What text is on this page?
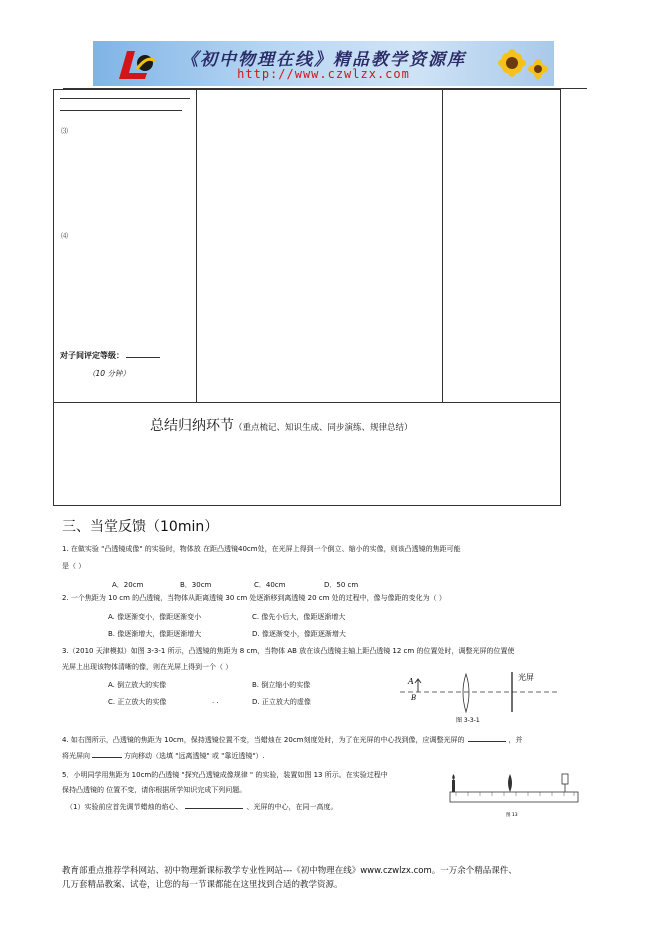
《初中物理在线》精品教学资源库
http://www.czwlzx.com
⑶
⑷
对子间评定等级：
（10 分钟）

总结归纳环节（重点梳记、知识生成、同步演练、规律总结）
三、当堂反馈（10min）
1. 在做实验 "凸透镜成像" 的实验时，物体放 在距凸透镜40cm处，在光屏上得到一个倒立、缩小的实像，则该凸透镜的焦距可能
是（ ）
A．20cm	B．30cm	C．40cm	D．50 cm
2. 一个焦距为 10 cm 的凸透镜，当物体从距离透镜 30 cm 处逐渐移到离透镜 20 cm 处的过程中，像与像距的变化为（ ）
A. 像逐渐变小，像距逐渐变小	C. 像先小后大，像距逐渐增大
B. 像逐渐增大，像距逐渐增大	D. 像逐渐变小，像距逐渐增大
3.（2010 天津模拟）如图 3-3-1 所示，凸透镜的焦距为 8 cm，当物体 AB 放在该凸透镜主轴上距凸透镜 12 cm 的位置处时，调整光屏的位置使
光屏上出现该物体清晰的像，则在光屏上得到一个（ ）
A. 倒立放大的实像	B. 倒立缩小的实像
C. 正立放大的实像	D. 正立放大的虚像
. .
A
B
光屏
图 3-3-1
4. 如右图所示，凸透镜的焦距为 10cm，保持透镜位置不变，当蜡烛在 20cm刻度处时，为了在光屏的中心找到像，应调整光屏的	，并
将光屏向	方向移动（选填 "远离透镜" 或 "靠近透镜"）.
5．小明同学用焦距为 10cm的凸透镜 "探究凸透镜成像规律 " 的实验，装置如图 13 所示。在实验过程中
保持凸透镜的 位置不变，请你根据所学知识完成下列问题。
（1）实验前应首先调节蜡烛的焰心、	、光屏的中心，在同一高度。
图 13
教育部重点推荐学科网站、初中物理新课标教学专业性网站---《初中物理在线》www.czwlzx.com。一万余个精品课件、
几万套精品教案、试卷，让您的每一节课都能在这里找到合适的教学资源。
